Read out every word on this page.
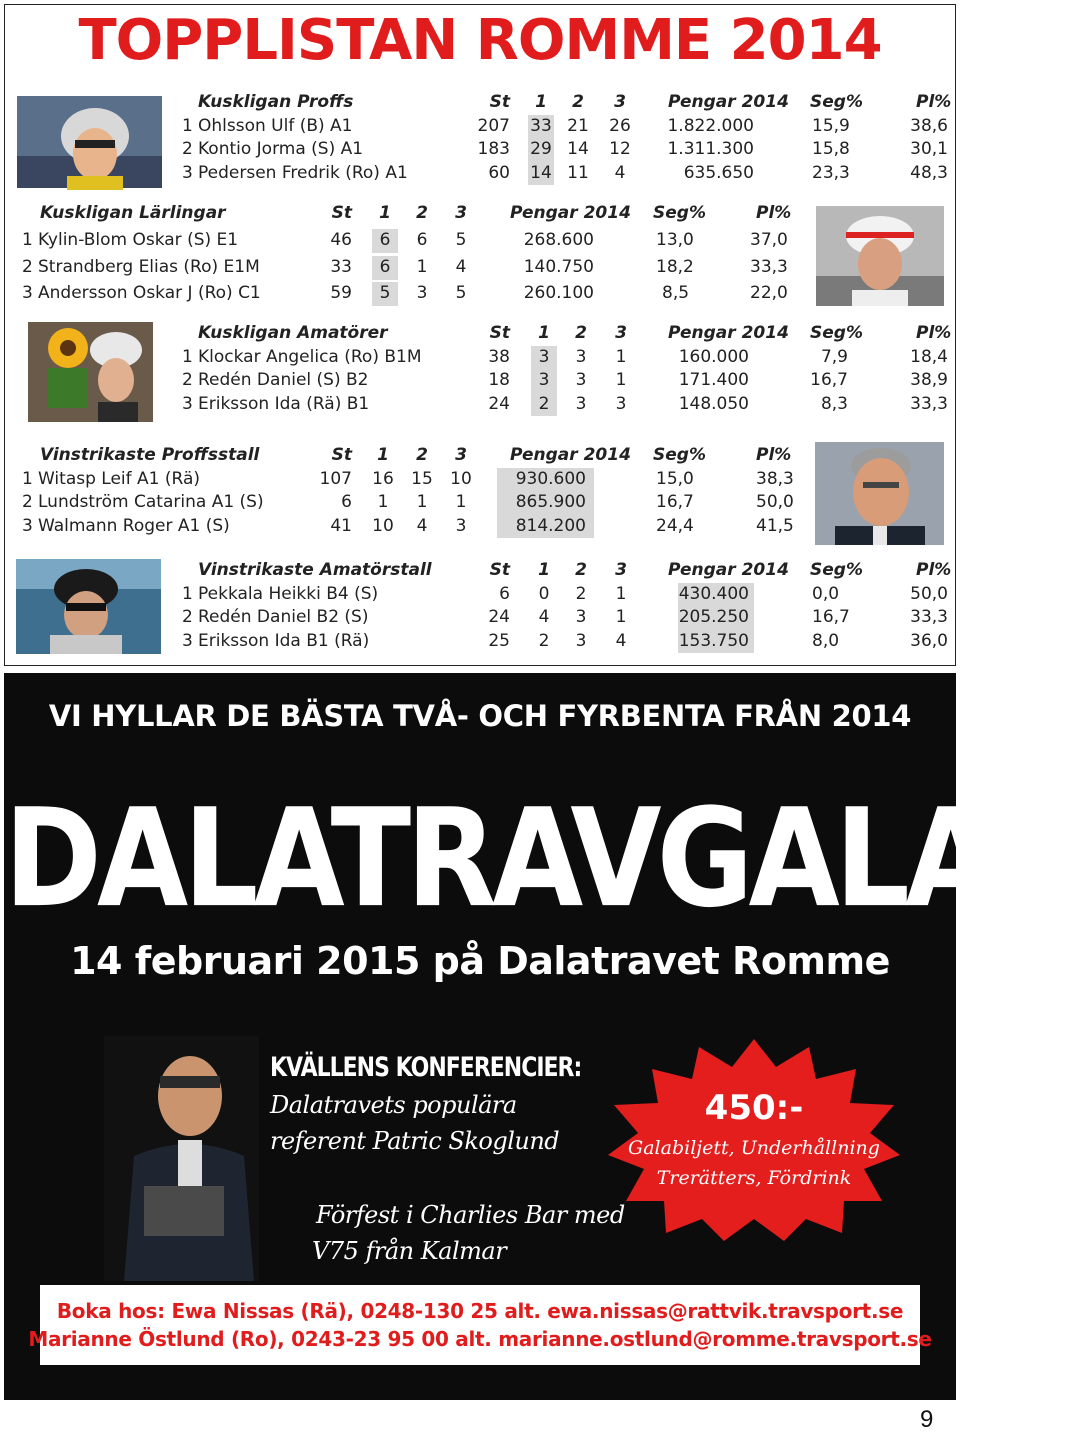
TOPPLISTAN ROMME 2014
Kuskligan Proffs	St	1	2	3	Pengar 2014 Seg%	Pl%
1 Ohlsson Ulf (B) A1	207 33 21 26	1.822.000	15,9	38,6
2 Kontio Jorma (S) A1	183 29 14 12	1.311.300	15,8	30,1
3 Pedersen Fredrik (Ro) A1	60 14 11	4	635.650	23,3	48,3
Kuskligan Lärlingar	St	1	2	3	Pengar 2014 Seg%	Pl%
1 Kylin-Blom Oskar (S) E1	46	6	6	5	268.600	13,0	37,0
2 Strandberg Elias (Ro) E1M	33	6	1	4	140.750	18,2	33,3
3 Andersson Oskar J (Ro) C1	59	5	3	5	260.100	8,5	22,0
Kuskligan Amatörer	St	1	2	3	Pengar 2014 Seg%	Pl%
1 Klockar Angelica (Ro) B1M	38	3	3	1	160.000	7,9	18,4
2 Redén Daniel (S) B2	18	3	3	1	171.400	16,7	38,9
3 Eriksson Ida (Rä) B1	24	2	3	3	148.050	8,3	33,3
Vinstrikaste Proffsstall	St	1	2	3	Pengar 2014 Seg%	Pl%
1 Witasp Leif A1 (Rä)	107 16 15 10	930.600	15,0	38,3
2 Lundström Catarina A1 (S)	6	1	1	1	865.900	16,7	50,0
3 Walmann Roger A1 (S)	41 10	4	3	814.200	24,4	41,5
Vinstrikaste Amatörstall	St	1	2	3	Pengar 2014 Seg%	Pl%
1 Pekkala Heikki B4 (S)	6	0	2	1	430.400	0,0	50,0
2 Redén Daniel B2 (S)	24	4	3	1	205.250	16,7	33,3
3 Eriksson Ida B1 (Rä)	25	2	3	4	153.750	8,0	36,0
VI HYLLAR DE BÄSTA TVÅ- OCH FYRBENTA FRÅN 2014
DALATRAVGALAN
14 februari 2015 på Dalatravet Romme
KVÄLLENS KONFERENCIER:
Dalatravets populära
referent Patric Skoglund
Förfest i Charlies Bar med
V75 från Kalmar
450:-
Galabiljett, Underhållning
Trerätters, Fördrink
Boka hos: Ewa Nissas (Rä), 0248-130 25 alt. ewa.nissas@rattvik.travsport.se
Marianne Östlund (Ro), 0243-23 95 00 alt. marianne.ostlund@romme.travsport.se
9
